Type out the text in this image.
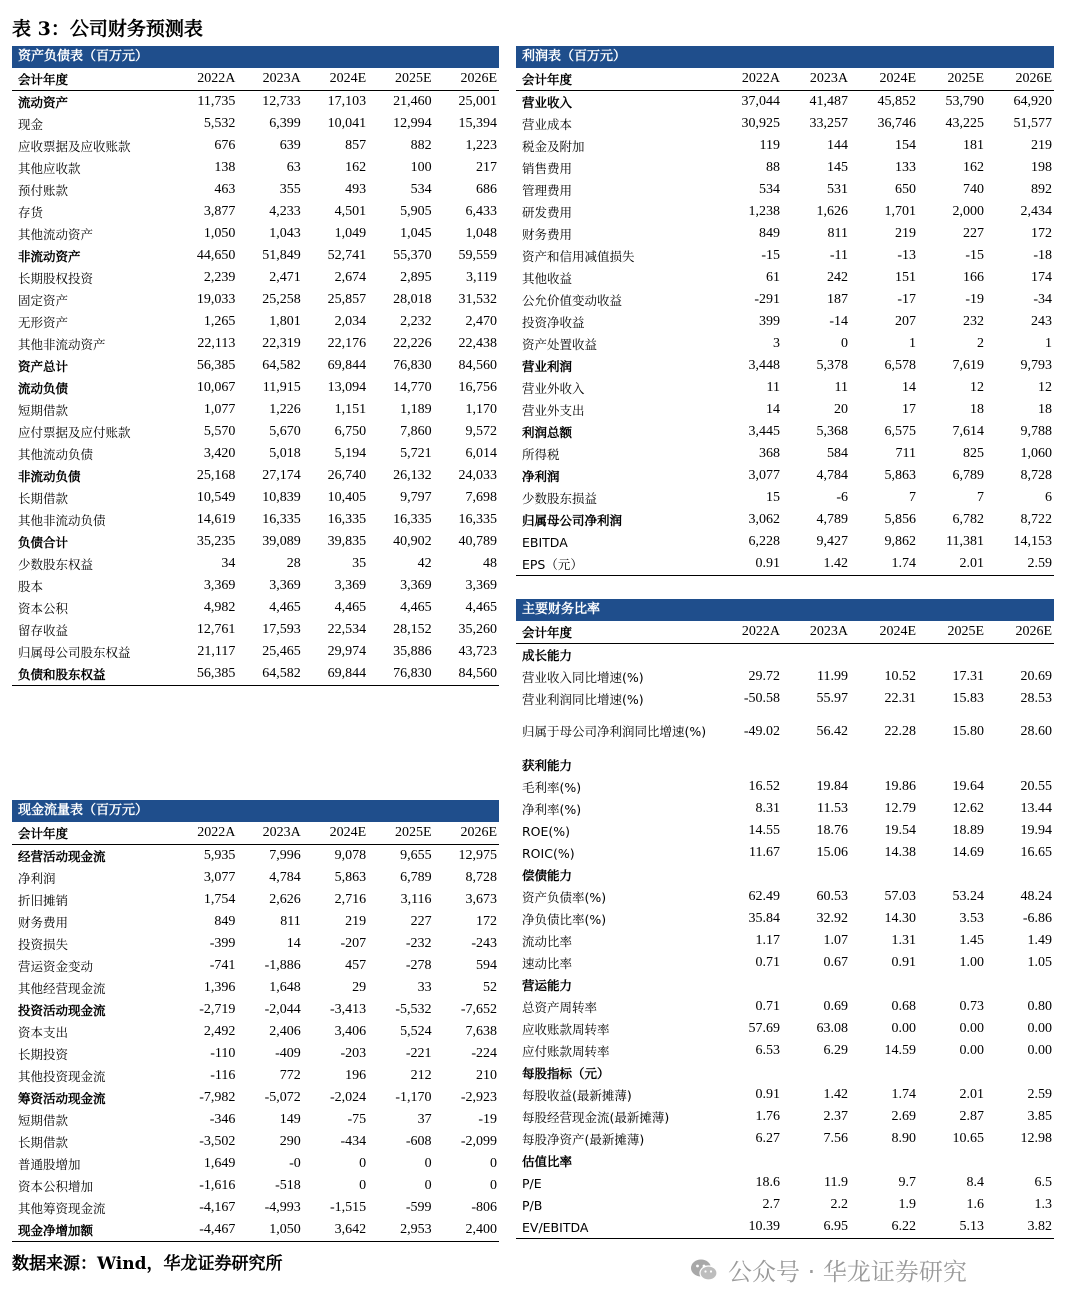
表 3：公司财务预测表
资产负债表（百万元）
会计年度	2022A	2023A	2024E	2025E	2026E
流动资产	11,735	12,733	17,103	21,460	25,001
现金	5,532	6,399	10,041	12,994	15,394
应收票据及应收账款	676	639	857	882	1,223
其他应收款	138	63	162	100	217
预付账款	463	355	493	534	686
存货	3,877	4,233	4,501	5,905	6,433
其他流动资产	1,050	1,043	1,049	1,045	1,048
非流动资产	44,650	51,849	52,741	55,370	59,559
长期股权投资	2,239	2,471	2,674	2,895	3,119
固定资产	19,033	25,258	25,857	28,018	31,532
无形资产	1,265	1,801	2,034	2,232	2,470
其他非流动资产	22,113	22,319	22,176	22,226	22,438
资产总计	56,385	64,582	69,844	76,830	84,560
流动负债	10,067	11,915	13,094	14,770	16,756
短期借款	1,077	1,226	1,151	1,189	1,170
应付票据及应付账款	5,570	5,670	6,750	7,860	9,572
其他流动负债	3,420	5,018	5,194	5,721	6,014
非流动负债	25,168	27,174	26,740	26,132	24,033
长期借款	10,549	10,839	10,405	9,797	7,698
其他非流动负债	14,619	16,335	16,335	16,335	16,335
负债合计	35,235	39,089	39,835	40,902	40,789
少数股东权益	34	28	35	42	48
股本	3,369	3,369	3,369	3,369	3,369
资本公积	4,982	4,465	4,465	4,465	4,465
留存收益	12,761	17,593	22,534	28,152	35,260
归属母公司股东权益	21,117	25,465	29,974	35,886	43,723
负债和股东权益	56,385	64,582	69,844	76,830	84,560
利润表（百万元）
会计年度	2022A	2023A	2024E	2025E	2026E
营业收入	37,044	41,487	45,852	53,790	64,920
营业成本	30,925	33,257	36,746	43,225	51,577
税金及附加	119	144	154	181	219
销售费用	88	145	133	162	198
管理费用	534	531	650	740	892
研发费用	1,238	1,626	1,701	2,000	2,434
财务费用	849	811	219	227	172
资产和信用减值损失	-15	-11	-13	-15	-18
其他收益	61	242	151	166	174
公允价值变动收益	-291	187	-17	-19	-34
投资净收益	399	-14	207	232	243
资产处置收益	3	0	1	2	1
营业利润	3,448	5,378	6,578	7,619	9,793
营业外收入	11	11	14	12	12
营业外支出	14	20	17	18	18
利润总额	3,445	5,368	6,575	7,614	9,788
所得税	368	584	711	825	1,060
净利润	3,077	4,784	5,863	6,789	8,728
少数股东损益	15	-6	7	7	6
归属母公司净利润	3,062	4,789	5,856	6,782	8,722
EBITDA	6,228	9,427	9,862	11,381	14,153
EPS（元）	0.91	1.42	1.74	2.01	2.59
现金流量表（百万元）
会计年度	2022A	2023A	2024E	2025E	2026E
经营活动现金流	5,935	7,996	9,078	9,655	12,975
净利润	3,077	4,784	5,863	6,789	8,728
折旧摊销	1,754	2,626	2,716	3,116	3,673
财务费用	849	811	219	227	172
投资损失	-399	14	-207	-232	-243
营运资金变动	-741	-1,886	457	-278	594
其他经营现金流	1,396	1,648	29	33	52
投资活动现金流	-2,719	-2,044	-3,413	-5,532	-7,652
资本支出	2,492	2,406	3,406	5,524	7,638
长期投资	-110	-409	-203	-221	-224
其他投资现金流	-116	772	196	212	210
筹资活动现金流	-7,982	-5,072	-2,024	-1,170	-2,923
短期借款	-346	149	-75	37	-19
长期借款	-3,502	290	-434	-608	-2,099
普通股增加	1,649	-0	0	0	0
资本公积增加	-1,616	-518	0	0	0
其他筹资现金流	-4,167	-4,993	-1,515	-599	-806
现金净增加额	-4,467	1,050	3,642	2,953	2,400
主要财务比率
会计年度	2022A	2023A	2024E	2025E	2026E
成长能力					
营业收入同比增速(%)	29.72	11.99	10.52	17.31	20.69
营业利润同比增速(%)	-50.58	55.97	22.31	15.83	28.53
归属于母公司净利润同比增速(%)	-49.02	56.42	22.28	15.80	28.60
获利能力					
毛利率(%)	16.52	19.84	19.86	19.64	20.55
净利率(%)	8.31	11.53	12.79	12.62	13.44
ROE(%)	14.55	18.76	19.54	18.89	19.94
ROIC(%)	11.67	15.06	14.38	14.69	16.65
偿债能力					
资产负债率(%)	62.49	60.53	57.03	53.24	48.24
净负债比率(%)	35.84	32.92	14.30	3.53	-6.86
流动比率	1.17	1.07	1.31	1.45	1.49
速动比率	0.71	0.67	0.91	1.00	1.05
营运能力					
总资产周转率	0.71	0.69	0.68	0.73	0.80
应收账款周转率	57.69	63.08	0.00	0.00	0.00
应付账款周转率	6.53	6.29	14.59	0.00	0.00
每股指标（元）					
每股收益(最新摊薄)	0.91	1.42	1.74	2.01	2.59
每股经营现金流(最新摊薄)	1.76	2.37	2.69	2.87	3.85
每股净资产(最新摊薄)	6.27	7.56	8.90	10.65	12.98
估值比率					
P/E	18.6	11.9	9.7	8.4	6.5
P/B	2.7	2.2	1.9	1.6	1.3
EV/EBITDA	10.39	6.95	6.22	5.13	3.82
数据来源：Wind，华龙证券研究所	公众号 · 华龙证券研究
